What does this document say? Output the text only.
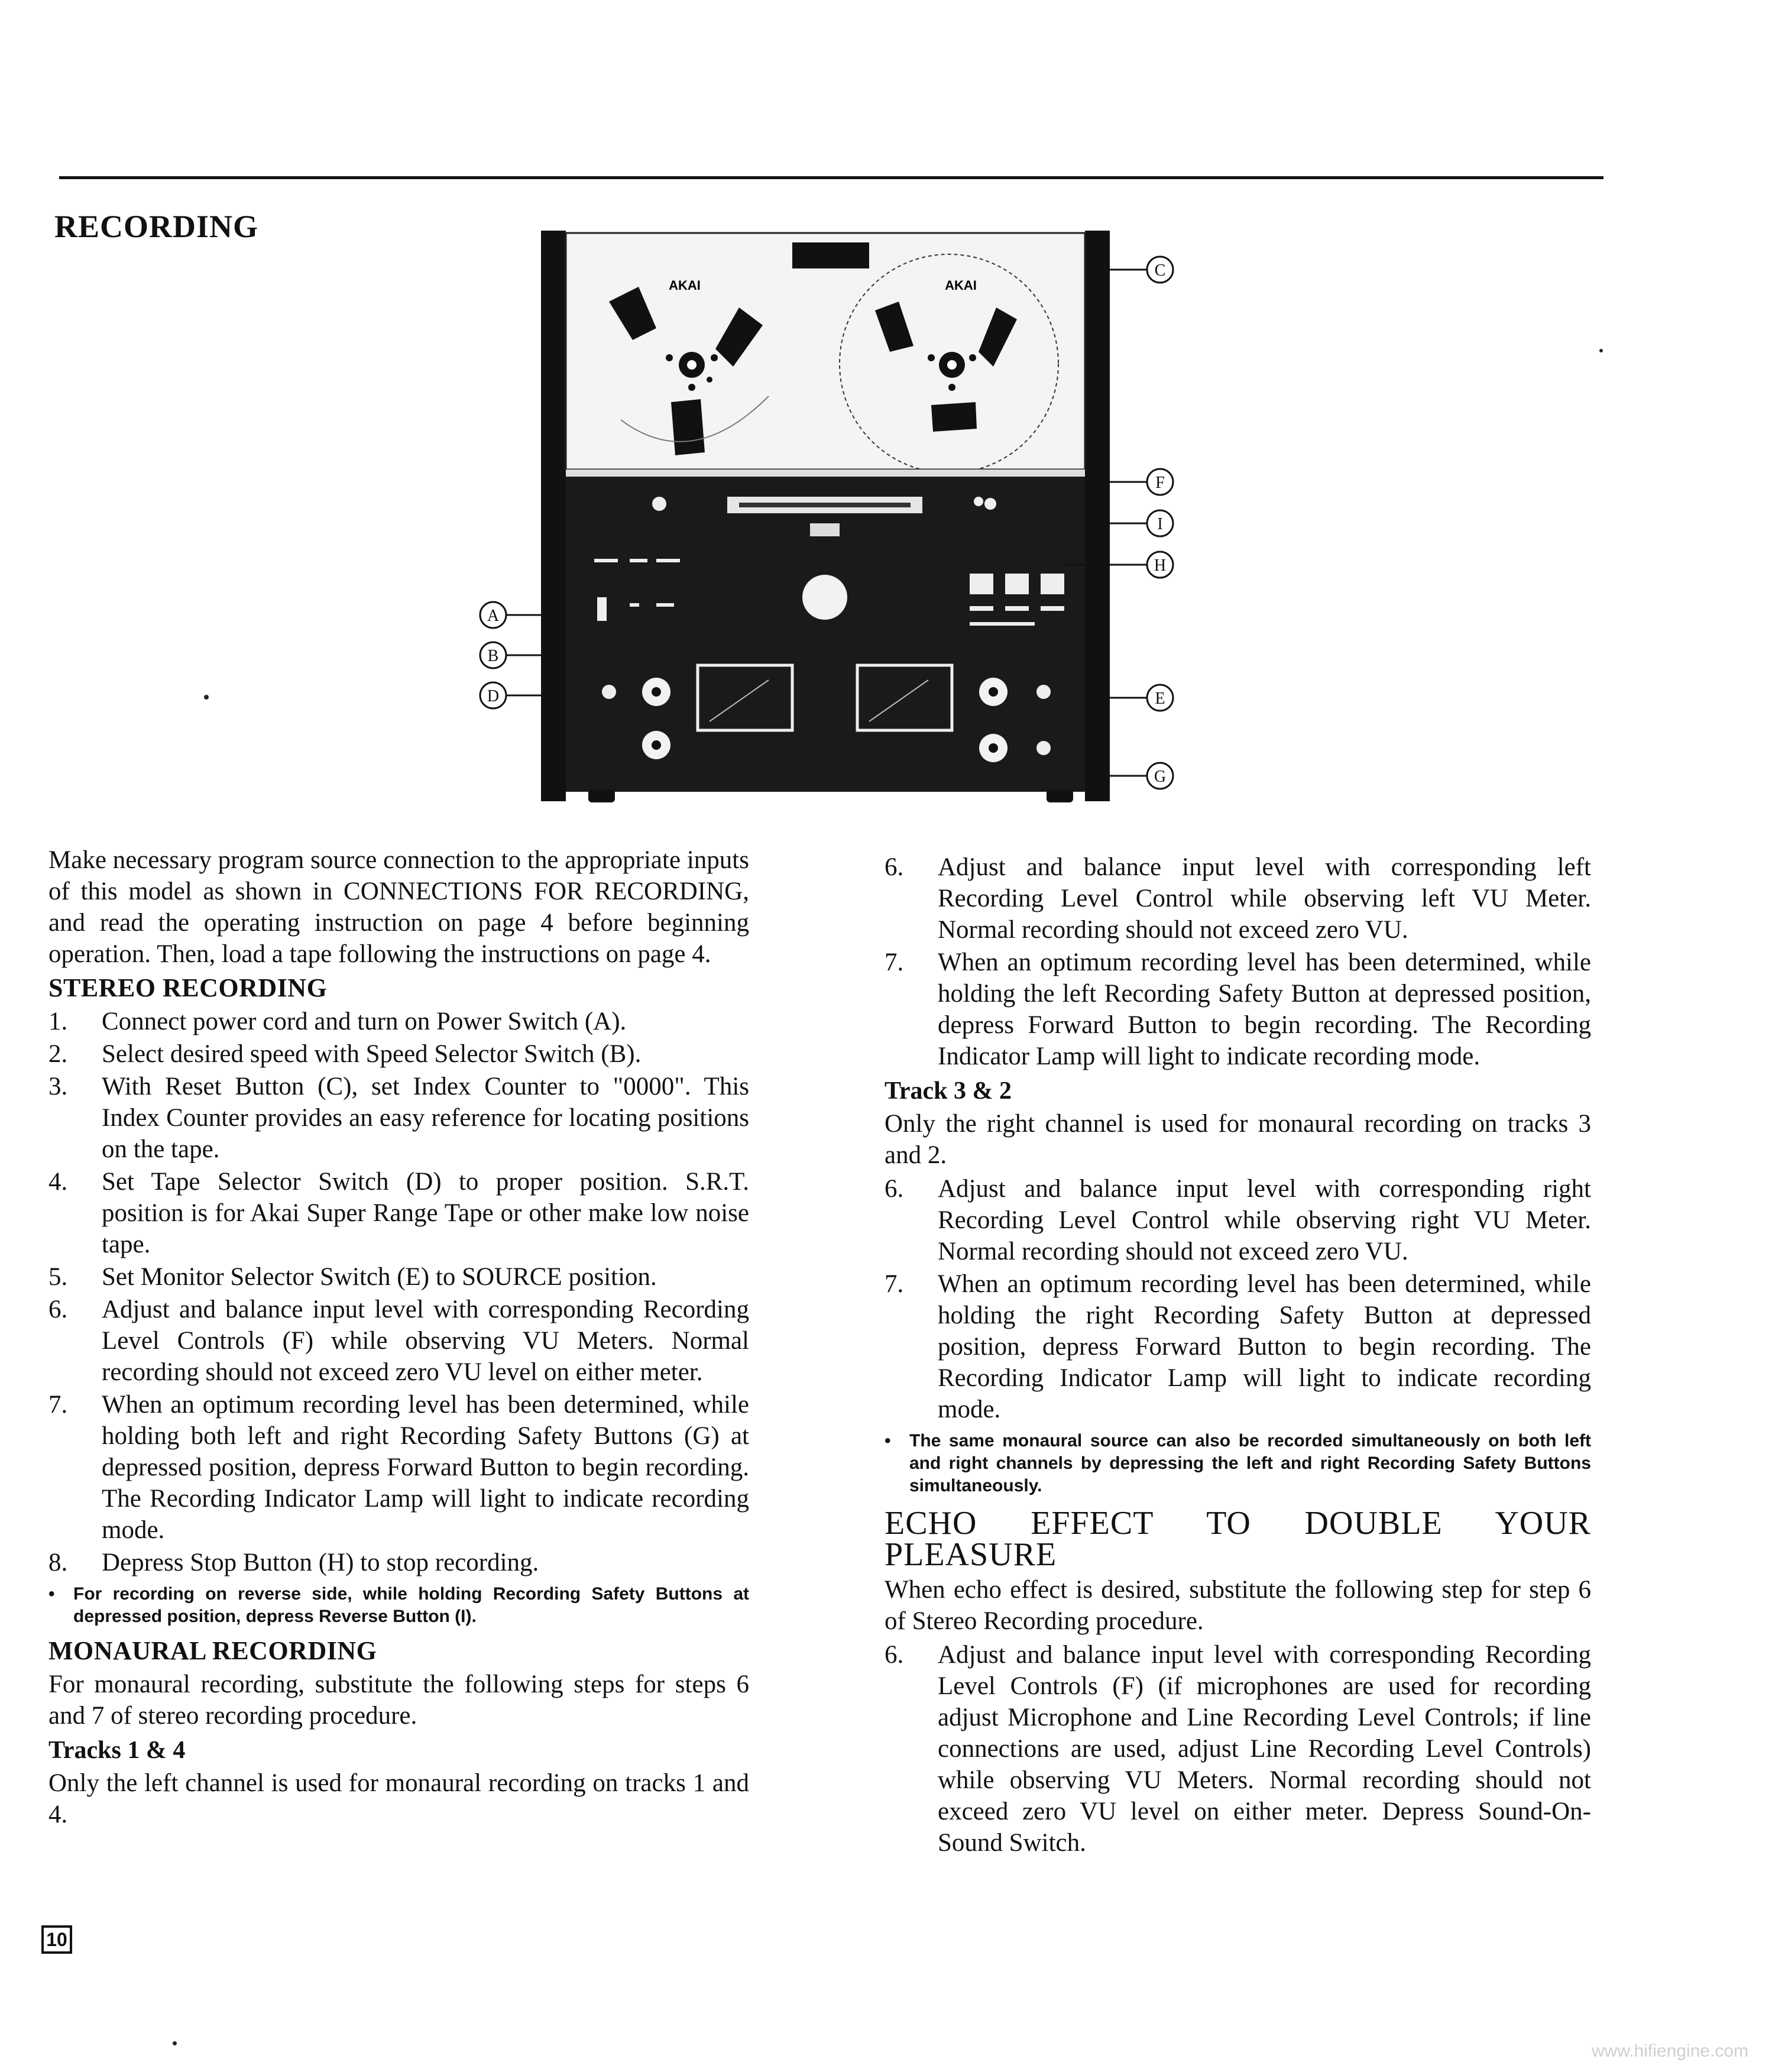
RECORDING
AKAI	AKAI
C
F
I
H
E
G
A
B
D

Make necessary program source connection to the appropriate inputs of this model as shown in CONNECTIONS FOR RECORDING, and read the operating instruction on page 4 before beginning operation. Then, load a tape following the instructions on page 4.

STEREO RECORDING
1. Connect power cord and turn on Power Switch (A).
2. Select desired speed with Speed Selector Switch (B).
3. With Reset Button (C), set Index Counter to "0000". This Index Counter provides an easy reference for locating positions on the tape.
4. Set Tape Selector Switch (D) to proper position. S.R.T. position is for Akai Super Range Tape or other make low noise tape.
5. Set Monitor Selector Switch (E) to SOURCE position.
6. Adjust and balance input level with corresponding Recording Level Controls (F) while observing VU Meters. Normal recording should not exceed zero VU level on either meter.
7. When an optimum recording level has been determined, while holding both left and right Recording Safety Buttons (G) at depressed position, depress Forward Button to begin recording. The Recording Indicator Lamp will light to indicate recording mode.
8. Depress Stop Button (H) to stop recording.
• For recording on reverse side, while holding Recording Safety Buttons at depressed position, depress Reverse Button (I).
MONAURAL RECORDING

For monaural recording, substitute the following steps for steps 6 and 7 of stereo recording procedure.

Tracks 1 & 4

Only the left channel is used for monaural recording on tracks 1 and 4.

6. Adjust and balance input level with corresponding left Recording Level Control while observing left VU Meter. Normal recording should not exceed zero VU.
7. When an optimum recording level has been determined, while holding the left Recording Safety Button at depressed position, depress Forward Button to begin recording. The Recording Indicator Lamp will light to indicate recording mode.
Track 3 & 2

Only the right channel is used for monaural recording on tracks 3 and 2.

6. Adjust and balance input level with corresponding right Recording Level Control while observing right VU Meter. Normal recording should not exceed zero VU.
7. When an optimum recording level has been determined, while holding the right Recording Safety Button at depressed position, depress Forward Button to begin recording. The Recording Indicator Lamp will light to indicate recording mode.
• The same monaural source can also be recorded simultaneously on both left and right channels by depressing the left and right Recording Safety Buttons simultaneously.
ECHO EFFECT TO DOUBLE YOUR PLEASURE

When echo effect is desired, substitute the following step for step 6 of Stereo Recording procedure.

6. Adjust and balance input level with corresponding Recording Level Controls (F) (if microphones are used for recording adjust Microphone and Line Recording Level Controls; if line connections are used, adjust Line Recording Level Controls) while observing VU Meters. Normal recording should not exceed zero VU level on either meter. Depress Sound-On-Sound Switch.
10
www.hifiengine.com
